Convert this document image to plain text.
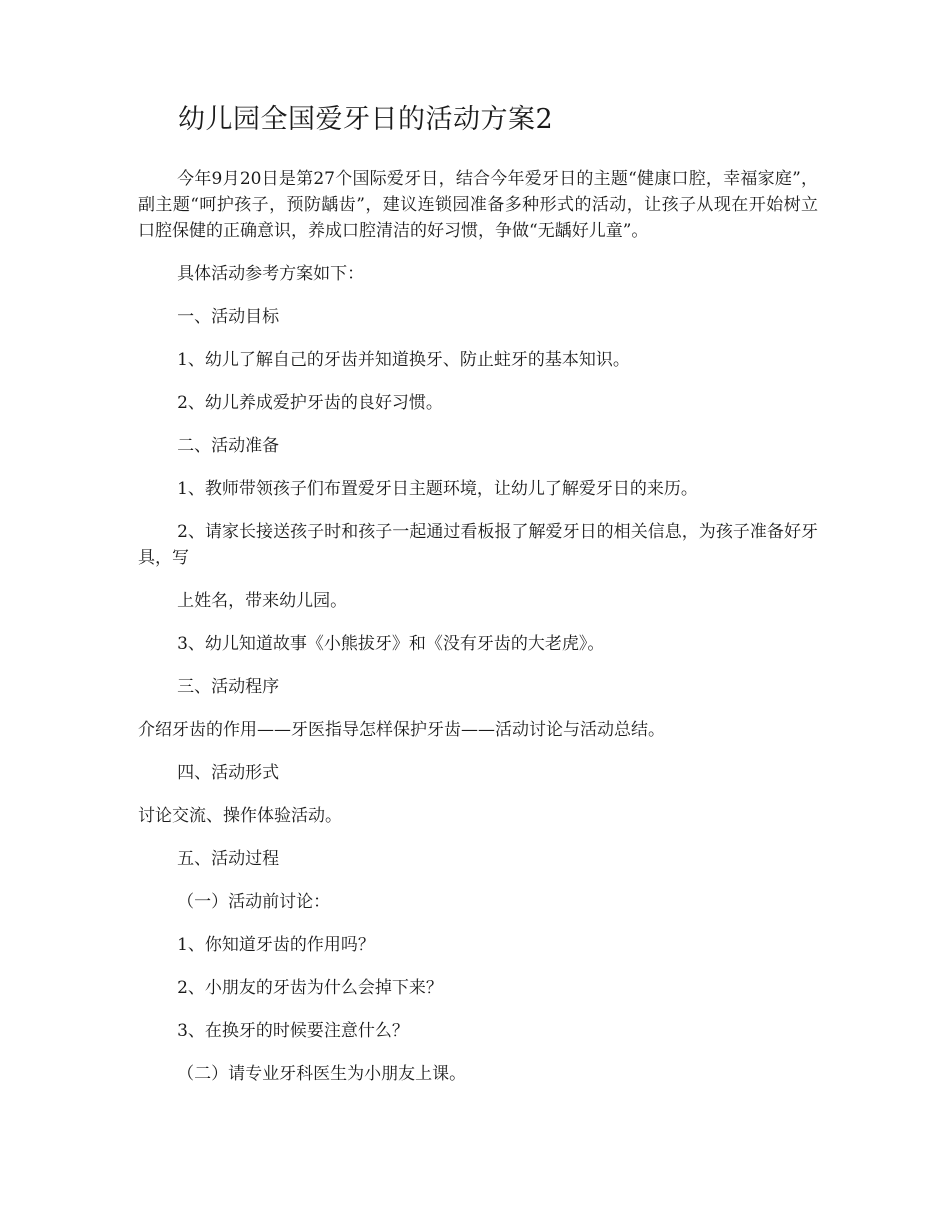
幼儿园全国爱牙日的活动方案2

今年9月20日是第27个国际爱牙日，结合今年爱牙日的主题“健康口腔，幸福家庭”，副主题“呵护孩子，预防龋齿”，建议连锁园准备多种形式的活动，让孩子从现在开始树立口腔保健的正确意识，养成口腔清洁的好习惯，争做“无龋好儿童”。

具体活动参考方案如下：

一、活动目标

1、幼儿了解自己的牙齿并知道换牙、防止蛀牙的基本知识。

2、幼儿养成爱护牙齿的良好习惯。

二、活动准备

1、教师带领孩子们布置爱牙日主题环境，让幼儿了解爱牙日的来历。

2、请家长接送孩子时和孩子一起通过看板报了解爱牙日的相关信息，为孩子准备好牙具，写

上姓名，带来幼儿园。

3、幼儿知道故事《小熊拔牙》和《没有牙齿的大老虎》。

三、活动程序

介绍牙齿的作用——牙医指导怎样保护牙齿——活动讨论与活动总结。

四、活动形式

讨论交流、操作体验活动。

五、活动过程

（一）活动前讨论：

1、你知道牙齿的作用吗？

2、小朋友的牙齿为什么会掉下来？

3、在换牙的时候要注意什么？

（二）请专业牙科医生为小朋友上课。
